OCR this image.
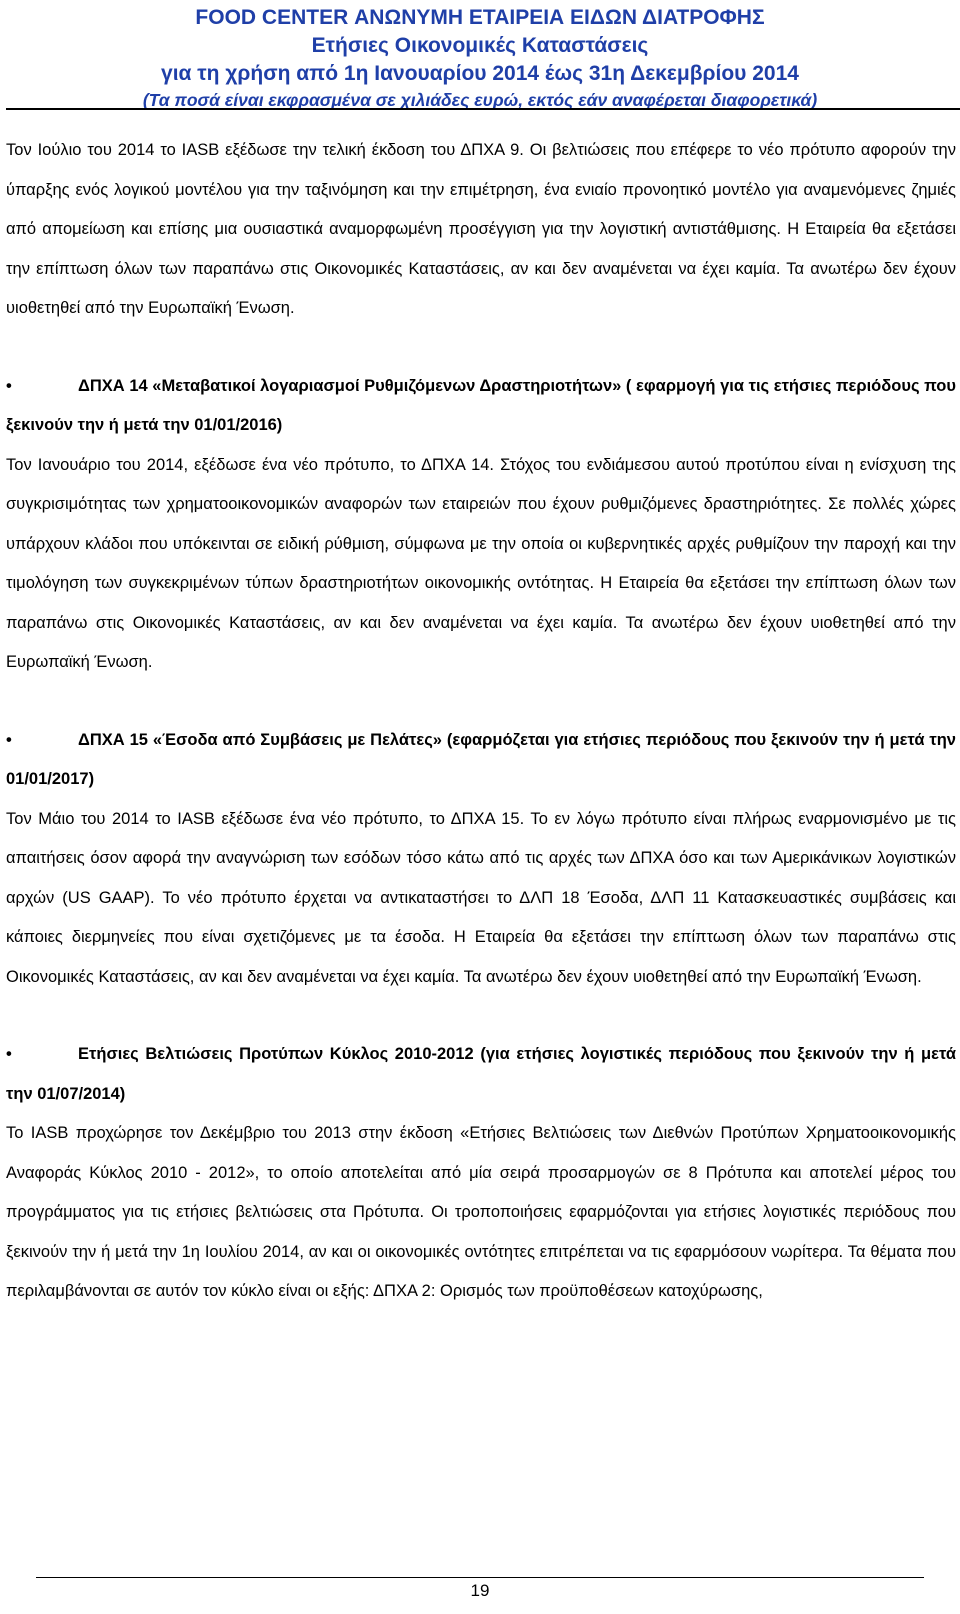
FOOD CENTER ΑΝΩΝΥΜΗ ΕΤΑΙΡΕΙΑ ΕΙΔΩΝ ΔΙΑΤΡΟΦΗΣ
Ετήσιες Οικονομικές Καταστάσεις
για τη χρήση από 1η Ιανουαρίου 2014 έως 31η Δεκεμβρίου 2014
(Τα ποσά είναι εκφρασμένα σε χιλιάδες ευρώ, εκτός εάν αναφέρεται διαφορετικά)

Τον Ιούλιο του 2014 το IASB εξέδωσε την τελική έκδοση του ΔΠΧΑ 9. Οι βελτιώσεις που επέφερε το νέο πρότυπο αφορούν την ύπαρξης ενός λογικού μοντέλου για την ταξινόμηση και την επιμέτρηση, ένα ενιαίο προνοητικό μοντέλο για αναμενόμενες ζημιές από απομείωση και επίσης μια ουσιαστικά αναμορφωμένη προσέγγιση για την λογιστική αντιστάθμισης. Η Εταιρεία θα εξετάσει την επίπτωση όλων των παραπάνω στις Οικονομικές Καταστάσεις, αν και δεν αναμένεται να έχει καμία. Τα ανωτέρω δεν έχουν υιοθετηθεί από την Ευρωπαϊκή Ένωση.

•	ΔΠΧΑ 14 «Μεταβατικοί λογαριασμοί Ρυθμιζόμενων Δραστηριοτήτων» ( εφαρμογή για τις ετήσιες περιόδους που ξεκινούν την ή μετά την 01/01/2016)

Τον Ιανουάριο του 2014, εξέδωσε ένα νέο πρότυπο, το ΔΠΧΑ 14. Στόχος του ενδιάμεσου αυτού προτύπου είναι η ενίσχυση της συγκρισιμότητας των χρηματοοικονομικών αναφορών των εταιρειών που έχουν ρυθμιζόμενες δραστηριότητες. Σε πολλές χώρες υπάρχουν κλάδοι που υπόκεινται σε ειδική ρύθμιση, σύμφωνα με την οποία οι κυβερνητικές αρχές ρυθμίζουν την παροχή και την τιμολόγηση των συγκεκριμένων τύπων δραστηριοτήτων οικονομικής οντότητας. Η Εταιρεία θα εξετάσει την επίπτωση όλων των παραπάνω στις Οικονομικές Καταστάσεις, αν και δεν αναμένεται να έχει καμία. Τα ανωτέρω δεν έχουν υιοθετηθεί από την Ευρωπαϊκή Ένωση.

•	ΔΠΧΑ 15 «Έσοδα από Συμβάσεις με Πελάτες» (εφαρμόζεται για ετήσιες περιόδους που ξεκινούν την ή μετά την 01/01/2017)

Τον Μάιο του 2014 το IASB εξέδωσε ένα νέο πρότυπο, το ΔΠΧΑ 15. Το εν λόγω πρότυπο είναι πλήρως εναρμονισμένο με τις απαιτήσεις όσον αφορά την αναγνώριση των εσόδων τόσο κάτω από τις αρχές των ΔΠΧΑ όσο και των Αμερικάνικων λογιστικών αρχών (US GAAP). Το νέο πρότυπο έρχεται να αντικαταστήσει το ΔΛΠ 18 Έσοδα, ΔΛΠ 11 Κατασκευαστικές συμβάσεις και κάποιες διερμηνείες που είναι σχετιζόμενες με τα έσοδα. Η Εταιρεία θα εξετάσει την επίπτωση όλων των παραπάνω στις Οικονομικές Καταστάσεις, αν και δεν αναμένεται να έχει καμία. Τα ανωτέρω δεν έχουν υιοθετηθεί από την Ευρωπαϊκή Ένωση.

•	Ετήσιες Βελτιώσεις Προτύπων Κύκλος 2010-2012 (για ετήσιες λογιστικές περιόδους που ξεκινούν την ή μετά την 01/07/2014)

Το IASB προχώρησε τον Δεκέμβριο του 2013 στην έκδοση «Ετήσιες Βελτιώσεις των Διεθνών Προτύπων Χρηματοοικονομικής Αναφοράς Κύκλος 2010 - 2012», το οποίο αποτελείται από μία σειρά προσαρμογών σε 8 Πρότυπα και αποτελεί μέρος του προγράμματος για τις ετήσιες βελτιώσεις στα Πρότυπα. Οι τροποποιήσεις εφαρμόζονται για ετήσιες λογιστικές περιόδους που ξεκινούν την ή μετά την 1η Ιουλίου 2014, αν και οι οικονομικές οντότητες επιτρέπεται να τις εφαρμόσουν νωρίτερα. Τα θέματα που περιλαμβάνονται σε αυτόν τον κύκλο είναι οι εξής: ΔΠΧΑ 2: Ορισμός των προϋποθέσεων κατοχύρωσης,

19
